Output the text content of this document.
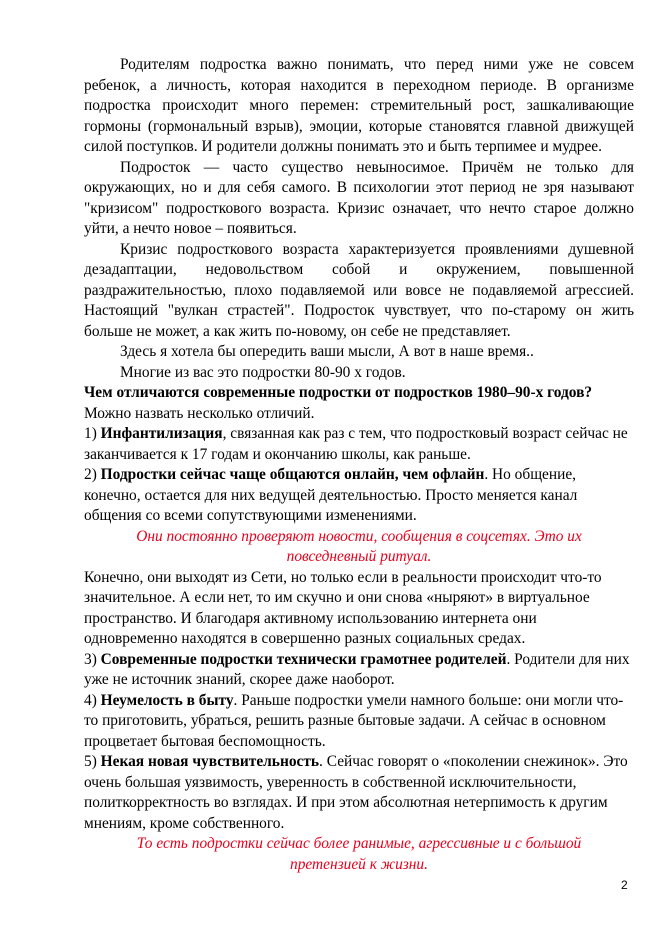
Родителям подростка важно понимать, что перед ними уже не совсем ребенок, а личность, которая находится в переходном периоде. В организме подростка происходит много перемен: стремительный рост, зашкаливающие гормоны (гормональный взрыв), эмоции, которые становятся главной движущей силой поступков. И родители должны понимать это и быть терпимее и мудрее.

Подросток — часто существо невыносимое. Причём не только для окружающих, но и для себя самого. В психологии этот период не зря называют "кризисом" подросткового возраста. Кризис означает, что нечто старое должно уйти, а нечто новое – появиться.

Кризис подросткового возраста характеризуется проявлениями душевной дезадаптации, недовольством собой и окружением, повышенной раздражительностью, плохо подавляемой или вовсе не подавляемой агрессией. Настоящий "вулкан страстей". Подросток чувствует, что по-старому он жить больше не может, а как жить по-новому, он себе не представляет.

Здесь я хотела бы опередить ваши мысли, А вот в наше время..

Многие из вас это подростки 80-90 х годов.

Чем отличаются современные подростки от подростков 1980–90-х годов?

Можно назвать несколько отличий.

1) Инфантилизация, связанная как раз с тем, что подростковый возраст сейчас не заканчивается к 17 годам и окончанию школы, как раньше.

2) Подростки сейчас чаще общаются онлайн, чем офлайн. Но общение, конечно, остается для них ведущей деятельностью. Просто меняется канал общения со всеми сопутствующими изменениями.

Они постоянно проверяют новости, сообщения в соцсетях. Это их
повседневный ритуал.

Конечно, они выходят из Сети, но только если в реальности происходит что-то значительное. А если нет, то им скучно и они снова «ныряют» в виртуальное пространство. И благодаря активному использованию интернета они одновременно находятся в совершенно разных социальных средах.

3) Современные подростки технически грамотнее родителей. Родители для них уже не источник знаний, скорее даже наоборот.

4) Неумелость в быту. Раньше подростки умели намного больше: они могли что-то приготовить, убраться, решить разные бытовые задачи. А сейчас в основном процветает бытовая беспомощность.

5) Некая новая чувствительность. Сейчас говорят о «поколении снежинок». Это очень большая уязвимость, уверенность в собственной исключительности, политкорректность во взглядах. И при этом абсолютная нетерпимость к другим мнениям, кроме собственного.

То есть подростки сейчас более ранимые, агрессивные и с большой
претензией к жизни.

2
